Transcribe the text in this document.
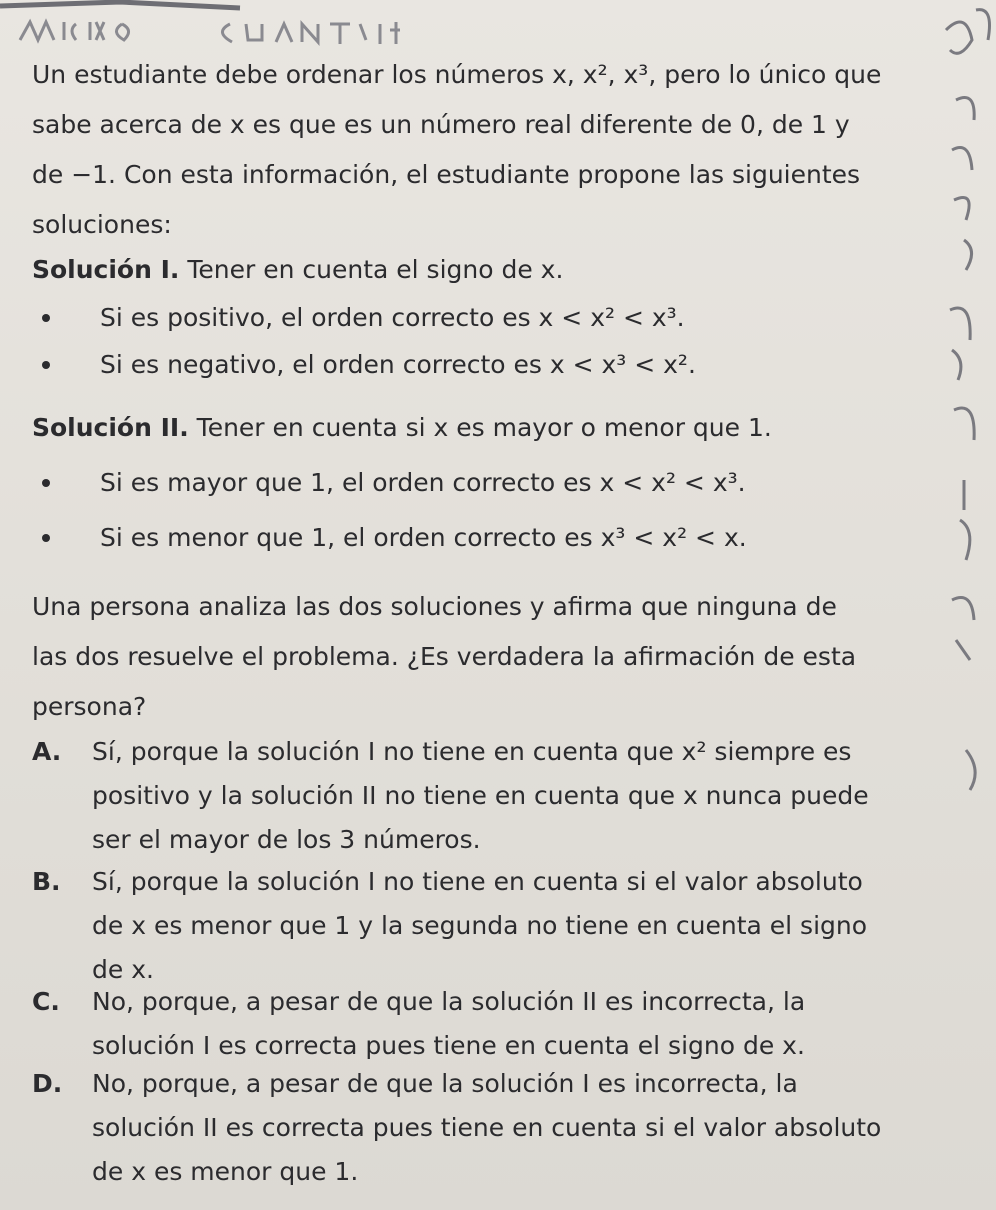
Un estudiante debe ordenar los números x, x², x³, pero lo único que
sabe acerca de x es que es un número real diferente de 0, de 1 y
de −1. Con esta información, el estudiante propone las siguientes
soluciones:
Solución I. Tener en cuenta el signo de x.
Si es positivo, el orden correcto es x < x² < x³.
Si es negativo, el orden correcto es x < x³ < x².
Solución II. Tener en cuenta si x es mayor o menor que 1.
Si es mayor que 1, el orden correcto es x < x² < x³.
Si es menor que 1, el orden correcto es x³ < x² < x.
Una persona analiza las dos soluciones y afirma que ninguna de
las dos resuelve el problema. ¿Es verdadera la afirmación de esta
persona?
A. Sí, porque la solución I no tiene en cuenta que x² siempre es
positivo y la solución II no tiene en cuenta que x nunca puede
ser el mayor de los 3 números.
B. Sí, porque la solución I no tiene en cuenta si el valor absoluto
de x es menor que 1 y la segunda no tiene en cuenta el signo
de x.
C. No, porque, a pesar de que la solución II es incorrecta, la
solución I es correcta pues tiene en cuenta el signo de x.
D. No, porque, a pesar de que la solución I es incorrecta, la
solución II es correcta pues tiene en cuenta si el valor absoluto
de x es menor que 1.
